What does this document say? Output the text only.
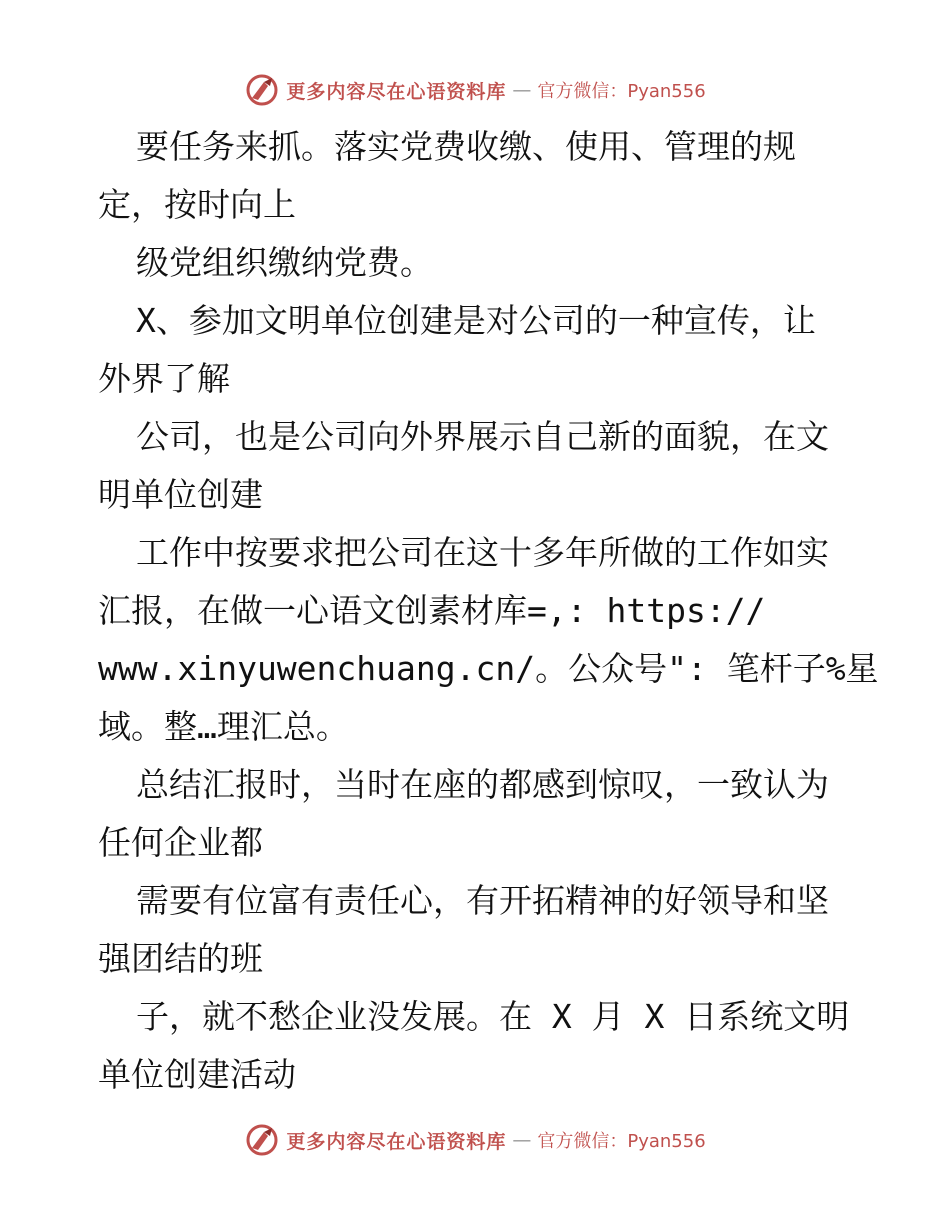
更多内容尽在心语资料库 — 官方微信：Pyan556
要任务来抓。落实党费收缴、使用、管理的规
定，按时向上
级党组织缴纳党费。
X、参加文明单位创建是对公司的一种宣传，让
外界了解
公司，也是公司向外界展示自己新的面貌，在文
明单位创建
工作中按要求把公司在这十多年所做的工作如实
汇报，在做一心语文创素材库=,: https://
www.xinyuwenchuang.cn/。公众号": 笔杆子%星
域。整…理汇总。
总结汇报时，当时在座的都感到惊叹，一致认为
任何企业都
需要有位富有责任心，有开拓精神的好领导和坚
强团结的班
子，就不愁企业没发展。在 X 月 X 日系统文明
单位创建活动
更多内容尽在心语资料库 — 官方微信：Pyan556
